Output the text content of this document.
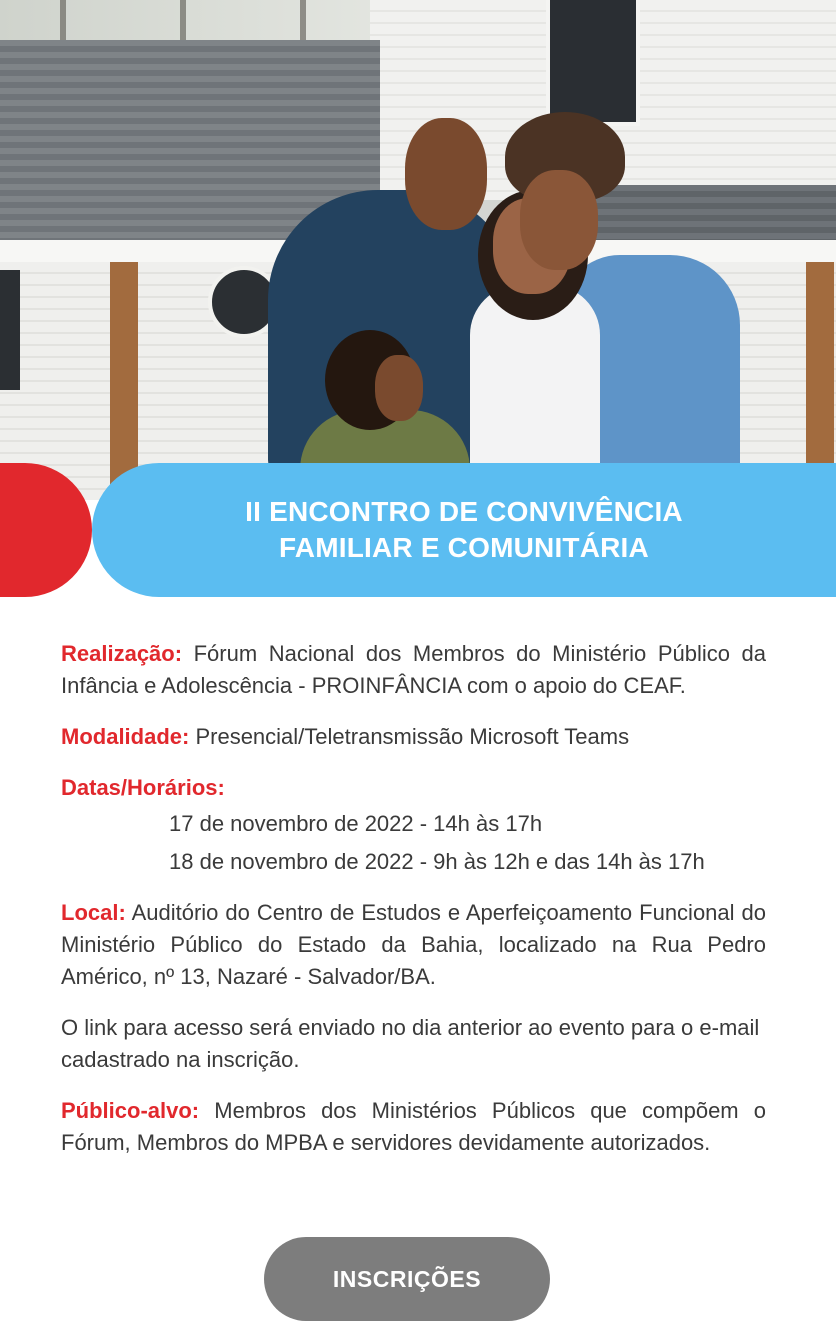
II ENCONTRO DE CONVIVÊNCIA
FAMILIAR E COMUNITÁRIA

Realização: Fórum Nacional dos Membros do Ministério Público da Infância e Adolescência - PROINFÂNCIA com o apoio do CEAF.

Modalidade: Presencial/Teletransmissão Microsoft Teams

Datas/Horários:
17 de novembro de 2022 - 14h às 17h
18 de novembro de 2022 - 9h às 12h e das 14h às 17h

Local: Auditório do Centro de Estudos e Aperfeiçoamento Funcional do Ministério Público do Estado da Bahia, localizado na Rua Pedro Américo, nº 13, Nazaré - Salvador/BA.

O link para acesso será enviado no dia anterior ao evento para o e-mail cadastrado na inscrição.

Público-alvo: Membros dos Ministérios Públicos que compõem o Fórum, Membros do MPBA e servidores devidamente autorizados.

INSCRIÇÕES
